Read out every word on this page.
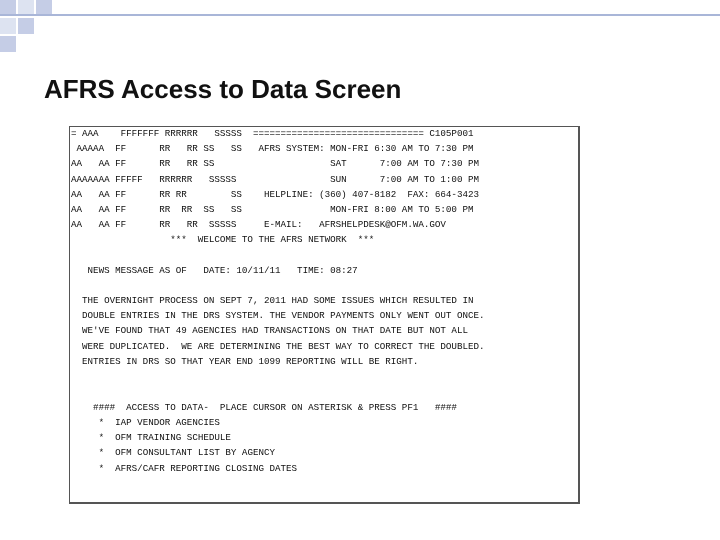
AFRS Access to Data Screen
= AAA    FFFFFFF RRRRRR   SSSSS  =============================== C105P001
AAAAA  FF      RR   RR SS   SS   AFRS SYSTEM: MON-FRI 6:30 AM TO 7:30 PM
AA   AA FF      RR   RR SS                     SAT      7:00 AM TO 7:30 PM
AAAAAAA FFFFF   RRRRRR   SSSSS                 SUN      7:00 AM TO 1:00 PM
AA   AA FF      RR RR        SS    HELPLINE: (360) 407-8182  FAX: 664-3423
AA   AA FF      RR  RR  SS   SS                MON-FRI 8:00 AM TO 5:00 PM
AA   AA FF      RR   RR  SSSSS     E-MAIL:   AFRSHELPDESK@OFM.WA.GOV
***  WELCOME TO THE AFRS NETWORK  ***
NEWS MESSAGE AS OF   DATE: 10/11/11   TIME: 08:27
THE OVERNIGHT PROCESS ON SEPT 7, 2011 HAD SOME ISSUES WHICH RESULTED IN
DOUBLE ENTRIES IN THE DRS SYSTEM. THE VENDOR PAYMENTS ONLY WENT OUT ONCE.
WE'VE FOUND THAT 49 AGENCIES HAD TRANSACTIONS ON THAT DATE BUT NOT ALL
WERE DUPLICATED.  WE ARE DETERMINING THE BEST WAY TO CORRECT THE DOUBLED.
ENTRIES IN DRS SO THAT YEAR END 1099 REPORTING WILL BE RIGHT.
####  ACCESS TO DATA-  PLACE CURSOR ON ASTERISK & PRESS PF1   ####
* IAP VENDOR AGENCIES
* OFM TRAINING SCHEDULE
* OFM CONSULTANT LIST BY AGENCY
* AFRS/CAFR REPORTING CLOSING DATES
